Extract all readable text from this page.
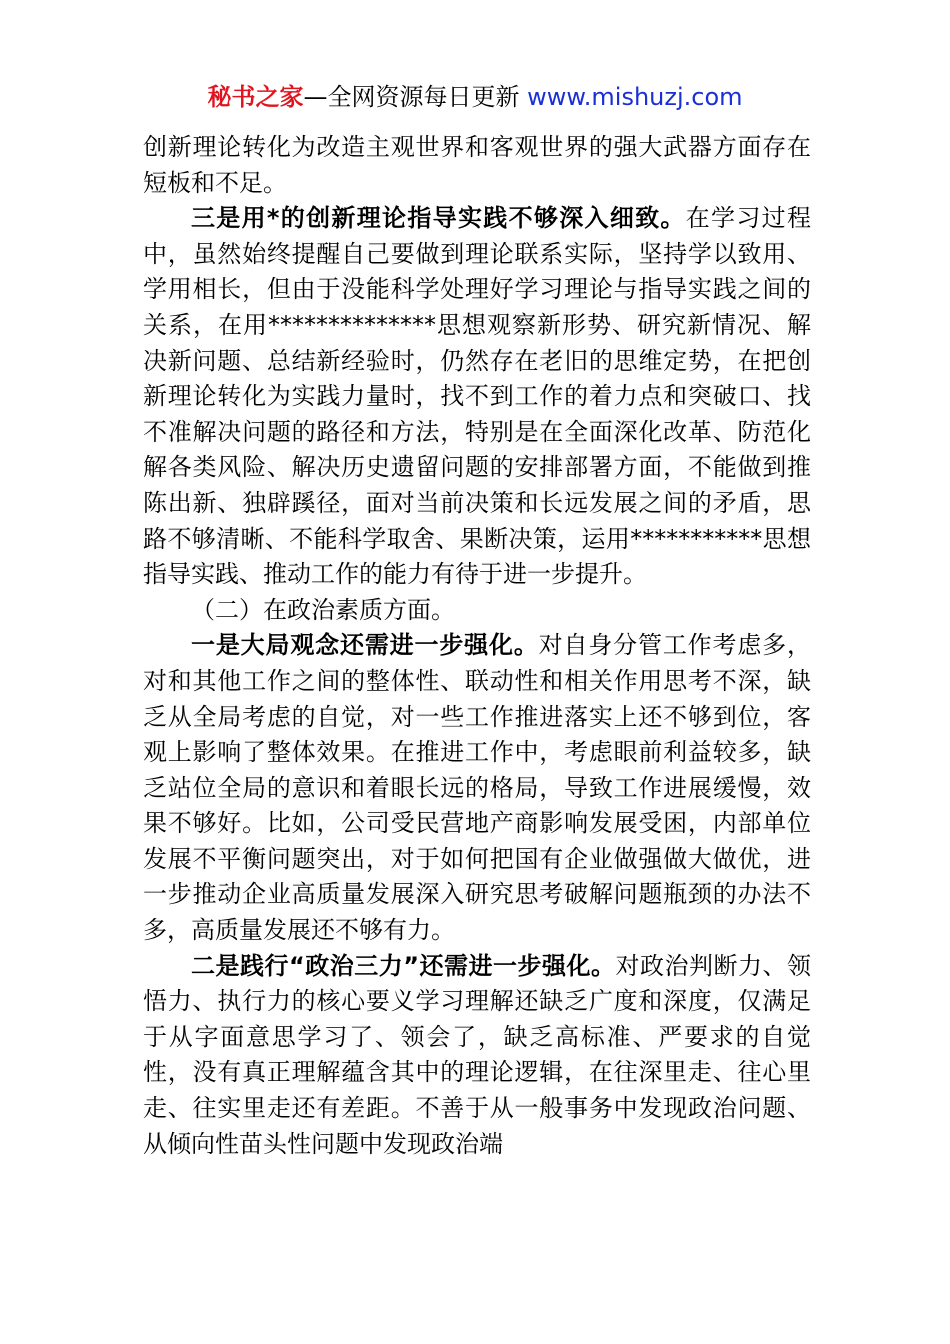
秘书之家—全网资源每日更新 www.mishuzj.com

创新理论转化为改造主观世界和客观世界的强大武器方面存在短板和不足。

三是用*的创新理论指导实践不够深入细致。在学习过程中，虽然始终提醒自己要做到理论联系实际，坚持学以致用、学用相长，但由于没能科学处理好学习理论与指导实践之间的关系，在用**************思想观察新形势、研究新情况、解决新问题、总结新经验时，仍然存在老旧的思维定势，在把创新理论转化为实践力量时，找不到工作的着力点和突破口、找不准解决问题的路径和方法，特别是在全面深化改革、防范化解各类风险、解决历史遗留问题的安排部署方面，不能做到推陈出新、独辟蹊径，面对当前决策和长远发展之间的矛盾，思路不够清晰、不能科学取舍、果断决策，运用***********思想指导实践、推动工作的能力有待于进一步提升。

（二）在政治素质方面。

一是大局观念还需进一步强化。对自身分管工作考虑多，对和其他工作之间的整体性、联动性和相关作用思考不深，缺乏从全局考虑的自觉，对一些工作推进落实上还不够到位，客观上影响了整体效果。在推进工作中，考虑眼前利益较多，缺乏站位全局的意识和着眼长远的格局，导致工作进展缓慢，效果不够好。比如，公司受民营地产商影响发展受困，内部单位发展不平衡问题突出，对于如何把国有企业做强做大做优，进一步推动企业高质量发展深入研究思考破解问题瓶颈的办法不多，高质量发展还不够有力。

二是践行“政治三力”还需进一步强化。对政治判断力、领悟力、执行力的核心要义学习理解还缺乏广度和深度，仅满足于从字面意思学习了、领会了，缺乏高标准、严要求的自觉性，没有真正理解蕴含其中的理论逻辑，在往深里走、往心里走、往实里走还有差距。不善于从一般事务中发现政治问题、从倾向性苗头性问题中发现政治端
